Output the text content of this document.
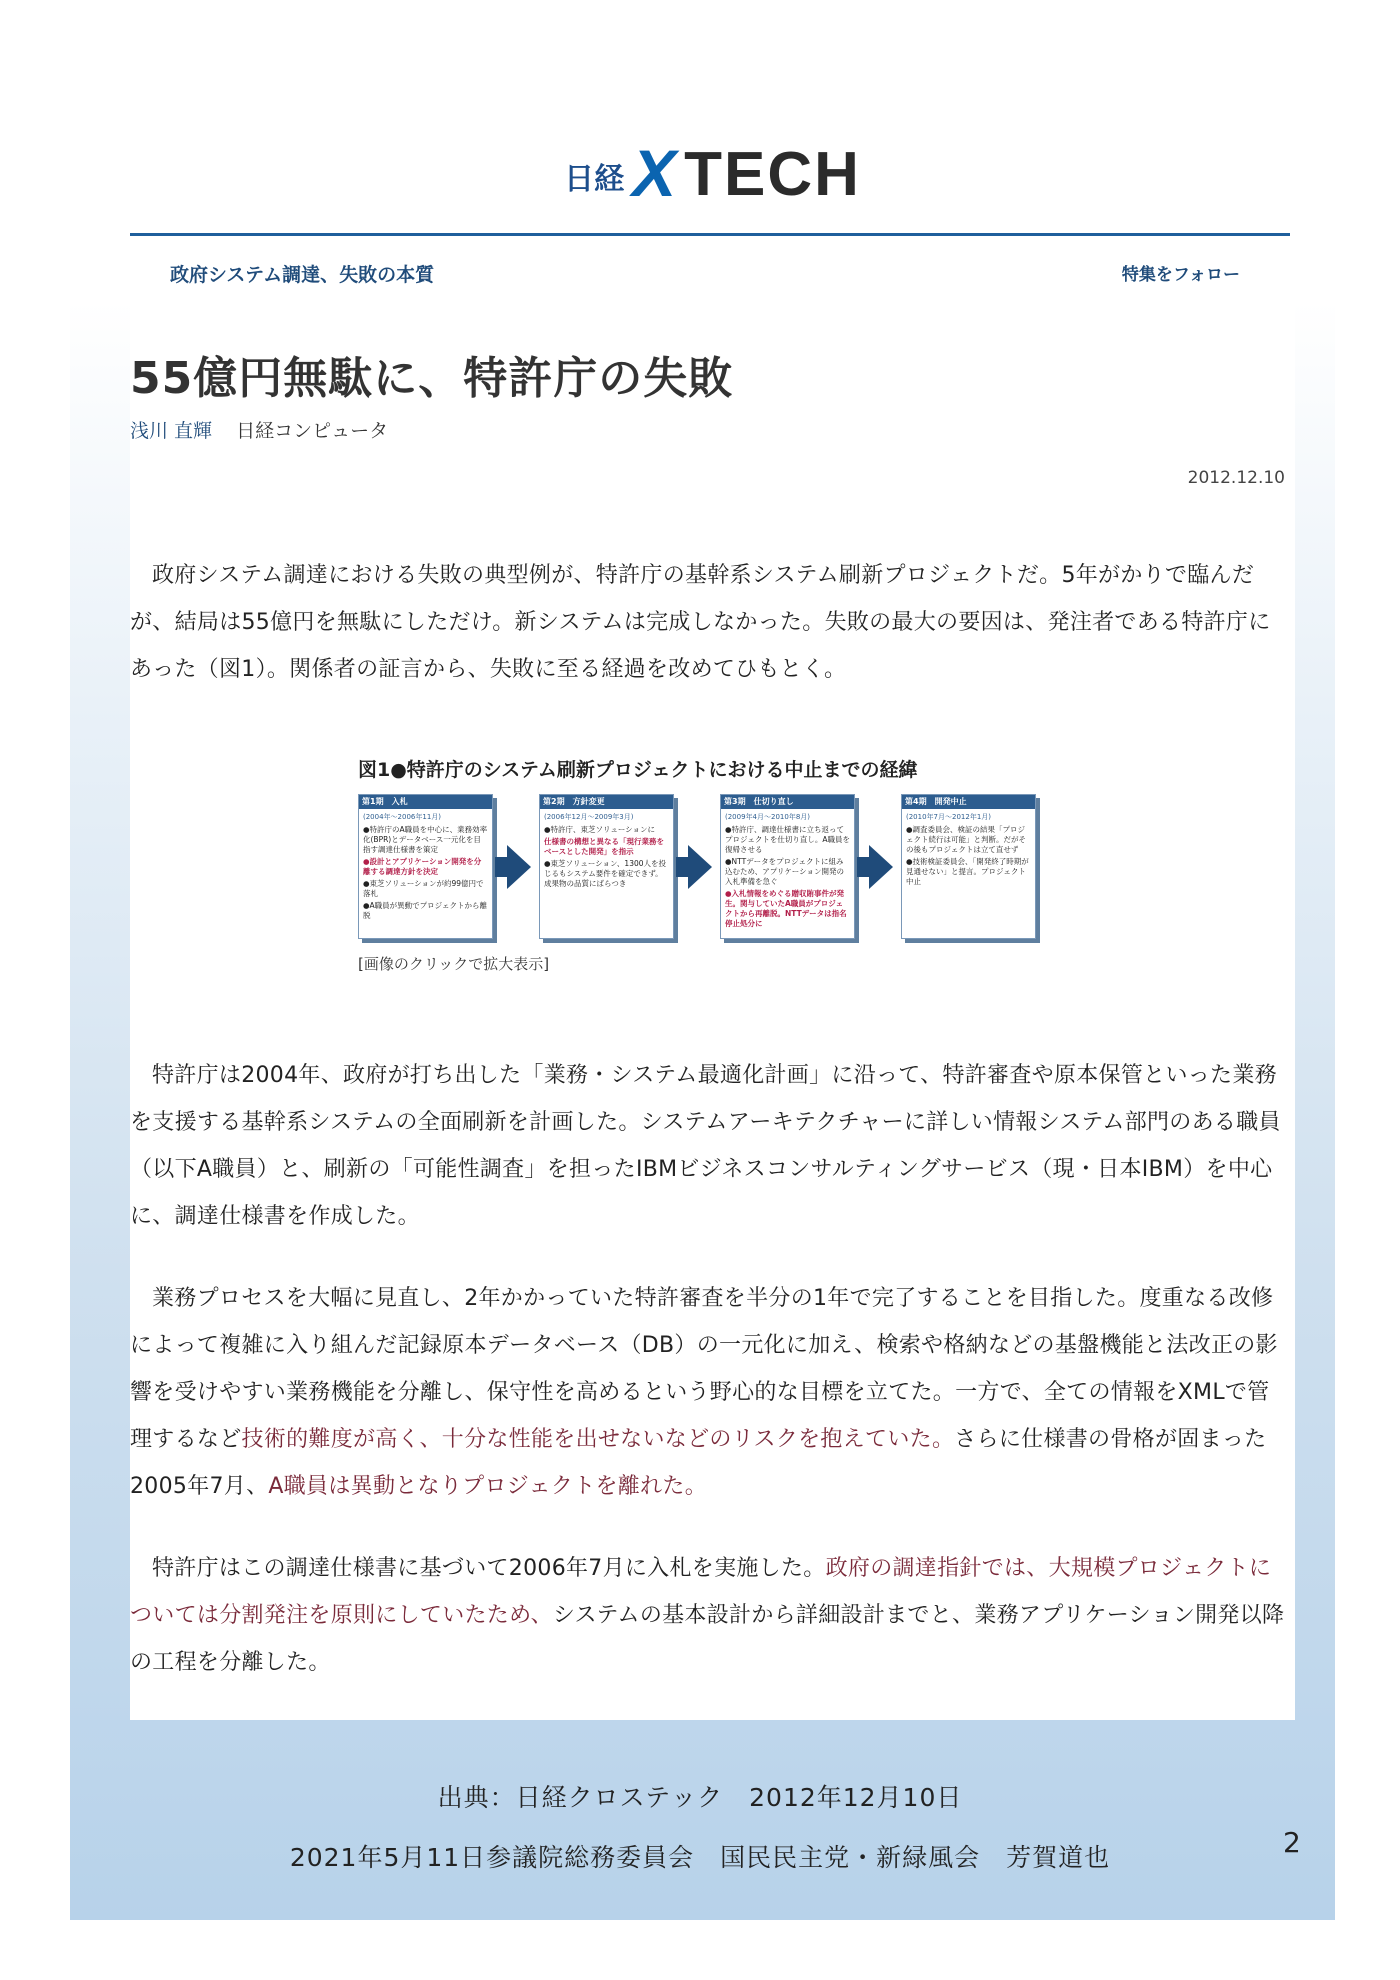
日経 X TECH
政府システム調達、失敗の本質	特集をフォロー
55億円無駄に、特許庁の失敗
浅川 直輝 日経コンピュータ
2012.12.10

政府システム調達における失敗の典型例が、特許庁の基幹系システム刷新プロジェクトだ。5年がかりで臨んだが、結局は55億円を無駄にしただけ。新システムは完成しなかった。失敗の最大の要因は、発注者である特許庁にあった（図1）。関係者の証言から、失敗に至る経過を改めてひもとく。

図1●特許庁のシステム刷新プロジェクトにおける中止までの経緯
第1期　入札
(2004年～2006年11月)
●特許庁のA職員を中心に、業務効率化(BPR)とデータベース一元化を目指す調達仕様書を策定
●設計とアプリケーション開発を分離する調達方針を決定
●東芝ソリューションが約99億円で落札
●A職員が異動でプロジェクトから離脱
第2期　方針変更
(2006年12月～2009年3月)
●特許庁、東芝ソリューションに
仕様書の構想と異なる「現行業務をベースとした開発」を指示
●東芝ソリューション、1300人を投じるもシステム要件を確定できず。成果物の品質にばらつき
第3期　仕切り直し
(2009年4月～2010年8月)
●特許庁、調達仕様書に立ち返ってプロジェクトを仕切り直し。A職員を復帰させる
●NTTデータをプロジェクトに組み込むため、アプリケーション開発の入札準備を急ぐ
●入札情報をめぐる贈収賄事件が発生。関与していたA職員がプロジェクトから再離脱。NTTデータは指名停止処分に
第4期　開発中止
(2010年7月～2012年1月)
●調査委員会、検証の結果「プロジェクト続行は可能」と判断。だがその後もプロジェクトは立て直せず
●技術検証委員会、「開発終了時期が見通せない」と提言。プロジェクト中止
[画像のクリックで拡大表示]

特許庁は2004年、政府が打ち出した「業務・システム最適化計画」に沿って、特許審査や原本保管といった業務を支援する基幹系システムの全面刷新を計画した。システムアーキテクチャーに詳しい情報システム部門のある職員（以下A職員）と、刷新の「可能性調査」を担ったIBMビジネスコンサルティングサービス（現・日本IBM）を中心に、調達仕様書を作成した。

業務プロセスを大幅に見直し、2年かかっていた特許審査を半分の1年で完了することを目指した。度重なる改修によって複雑に入り組んだ記録原本データベース（DB）の一元化に加え、検索や格納などの基盤機能と法改正の影響を受けやすい業務機能を分離し、保守性を高めるという野心的な目標を立てた。一方で、全ての情報をXMLで管理するなど技術的難度が高く、十分な性能を出せないなどのリスクを抱えていた。さらに仕様書の骨格が固まった2005年7月、A職員は異動となりプロジェクトを離れた。

特許庁はこの調達仕様書に基づいて2006年7月に入札を実施した。政府の調達指針では、大規模プロジェクトについては分割発注を原則にしていたため、システムの基本設計から詳細設計までと、業務アプリケーション開発以降の工程を分離した。

出典：日経クロステック　2012年12月10日
2021年5月11日参議院総務委員会　国民民主党・新緑風会　芳賀道也	2
